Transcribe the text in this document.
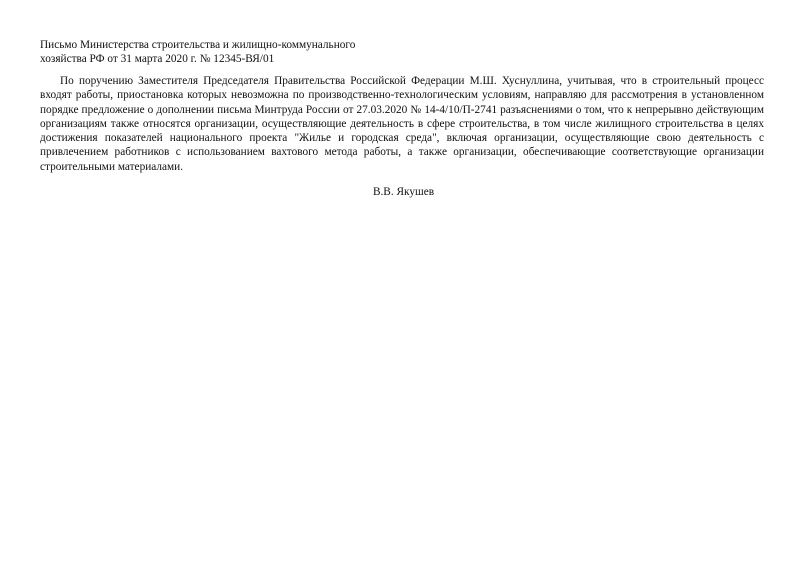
Письмо Министерства строительства и жилищно-коммунального
хозяйства РФ от 31 марта 2020 г. № 12345-ВЯ/01

По поручению Заместителя Председателя Правительства Российской Федерации М.Ш. Хуснуллина, учитывая, что в строительный процесс входят работы, приостановка которых невозможна по производственно-технологическим условиям, направляю для рассмотрения в установленном порядке предложение о дополнении письма Минтруда России от 27.03.2020 № 14-4/10/П-2741 разъяснениями о том, что к непрерывно действующим организациям также относятся организации, осуществляющие деятельность в сфере строительства, в том числе жилищного строительства в целях достижения показателей национального проекта "Жилье и городская среда", включая организации, осуществляющие свою деятельность с привлечением работников с использованием вахтового метода работы, а также организации, обеспечивающие соответствующие организации строительными материалами.

В.В. Якушев
